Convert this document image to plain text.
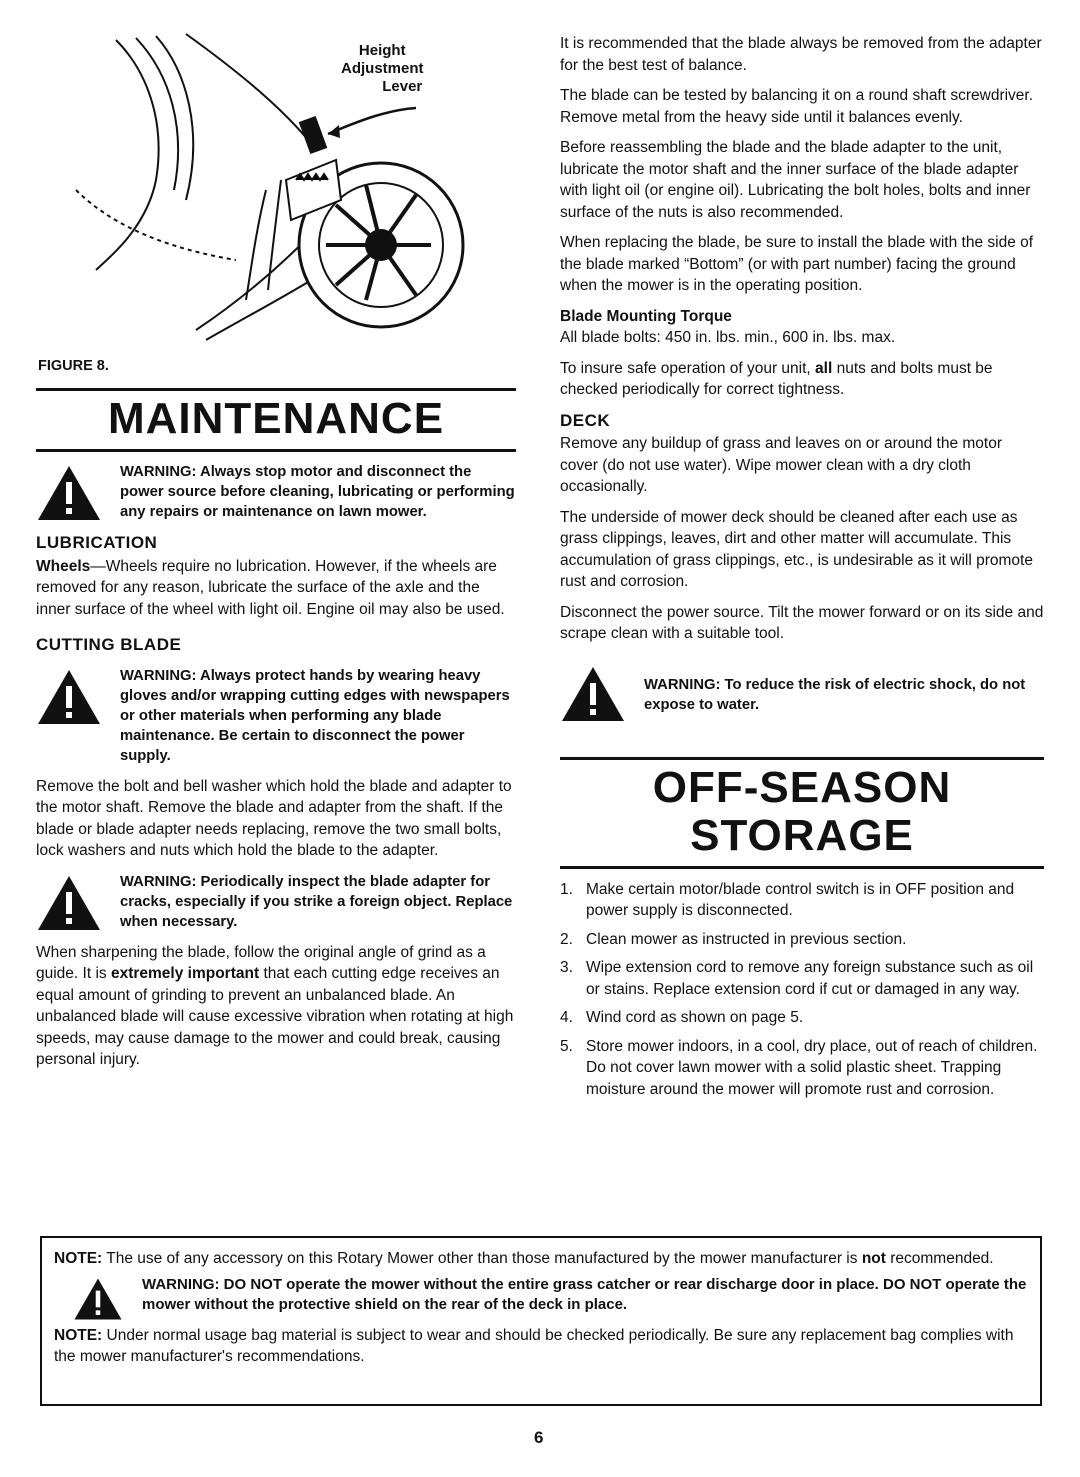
Height
Adjustment
Lever
FIGURE 8.
MAINTENANCE
WARNING: Always stop motor and disconnect the power source before cleaning, lubricating or performing any repairs or maintenance on lawn mower.
LUBRICATION

Wheels—Wheels require no lubrication. However, if the wheels are removed for any reason, lubricate the surface of the axle and the inner surface of the wheel with light oil. Engine oil may also be used.

CUTTING BLADE
WARNING: Always protect hands by wearing heavy gloves and/or wrapping cutting edges with newspapers or other materials when performing any blade maintenance. Be certain to disconnect the power supply.

Remove the bolt and bell washer which hold the blade and adapter to the motor shaft. Remove the blade and adapter from the shaft. If the blade or blade adapter needs replacing, remove the two small bolts, lock washers and nuts which hold the blade to the adapter.

WARNING: Periodically inspect the blade adapter for cracks, especially if you strike a foreign object. Replace when necessary.

When sharpening the blade, follow the original angle of grind as a guide. It is extremely important that each cutting edge receives an equal amount of grinding to prevent an unbalanced blade. An unbalanced blade will cause excessive vibration when rotating at high speeds, may cause damage to the mower and could break, causing personal injury.

It is recommended that the blade always be removed from the adapter for the best test of balance.

The blade can be tested by balancing it on a round shaft screwdriver. Remove metal from the heavy side until it balances evenly.

Before reassembling the blade and the blade adapter to the unit, lubricate the motor shaft and the inner surface of the blade adapter with light oil (or engine oil). Lubricating the bolt holes, bolts and inner surface of the nuts is also recommended.

When replacing the blade, be sure to install the blade with the side of the blade marked “Bottom” (or with part number) facing the ground when the mower is in the operating position.

Blade Mounting Torque

All blade bolts: 450 in. lbs. min., 600 in. lbs. max.

To insure safe operation of your unit, all nuts and bolts must be checked periodically for correct tightness.

DECK

Remove any buildup of grass and leaves on or around the motor cover (do not use water). Wipe mower clean with a dry cloth occasionally.

The underside of mower deck should be cleaned after each use as grass clippings, leaves, dirt and other matter will accumulate. This accumulation of grass clippings, etc., is undesirable as it will promote rust and corrosion.

Disconnect the power source. Tilt the mower forward or on its side and scrape clean with a suitable tool.

WARNING: To reduce the risk of electric shock, do not expose to water.
OFF-SEASON STORAGE
1. Make certain motor/blade control switch is in OFF position and power supply is disconnected.
2. Clean mower as instructed in previous section.
3. Wipe extension cord to remove any foreign substance such as oil or stains. Replace extension cord if cut or damaged in any way.
4. Wind cord as shown on page 5.
5. Store mower indoors, in a cool, dry place, out of reach of children. Do not cover lawn mower with a solid plastic sheet. Trapping moisture around the mower will promote rust and corrosion.

NOTE: The use of any accessory on this Rotary Mower other than those manufactured by the mower manufacturer is not recommended.

WARNING: DO NOT operate the mower without the entire grass catcher or rear discharge door in place. DO NOT operate the mower without the protective shield on the rear of the deck in place.

NOTE: Under normal usage bag material is subject to wear and should be checked periodically. Be sure any replacement bag complies with the mower manufacturer's recommendations.

6
